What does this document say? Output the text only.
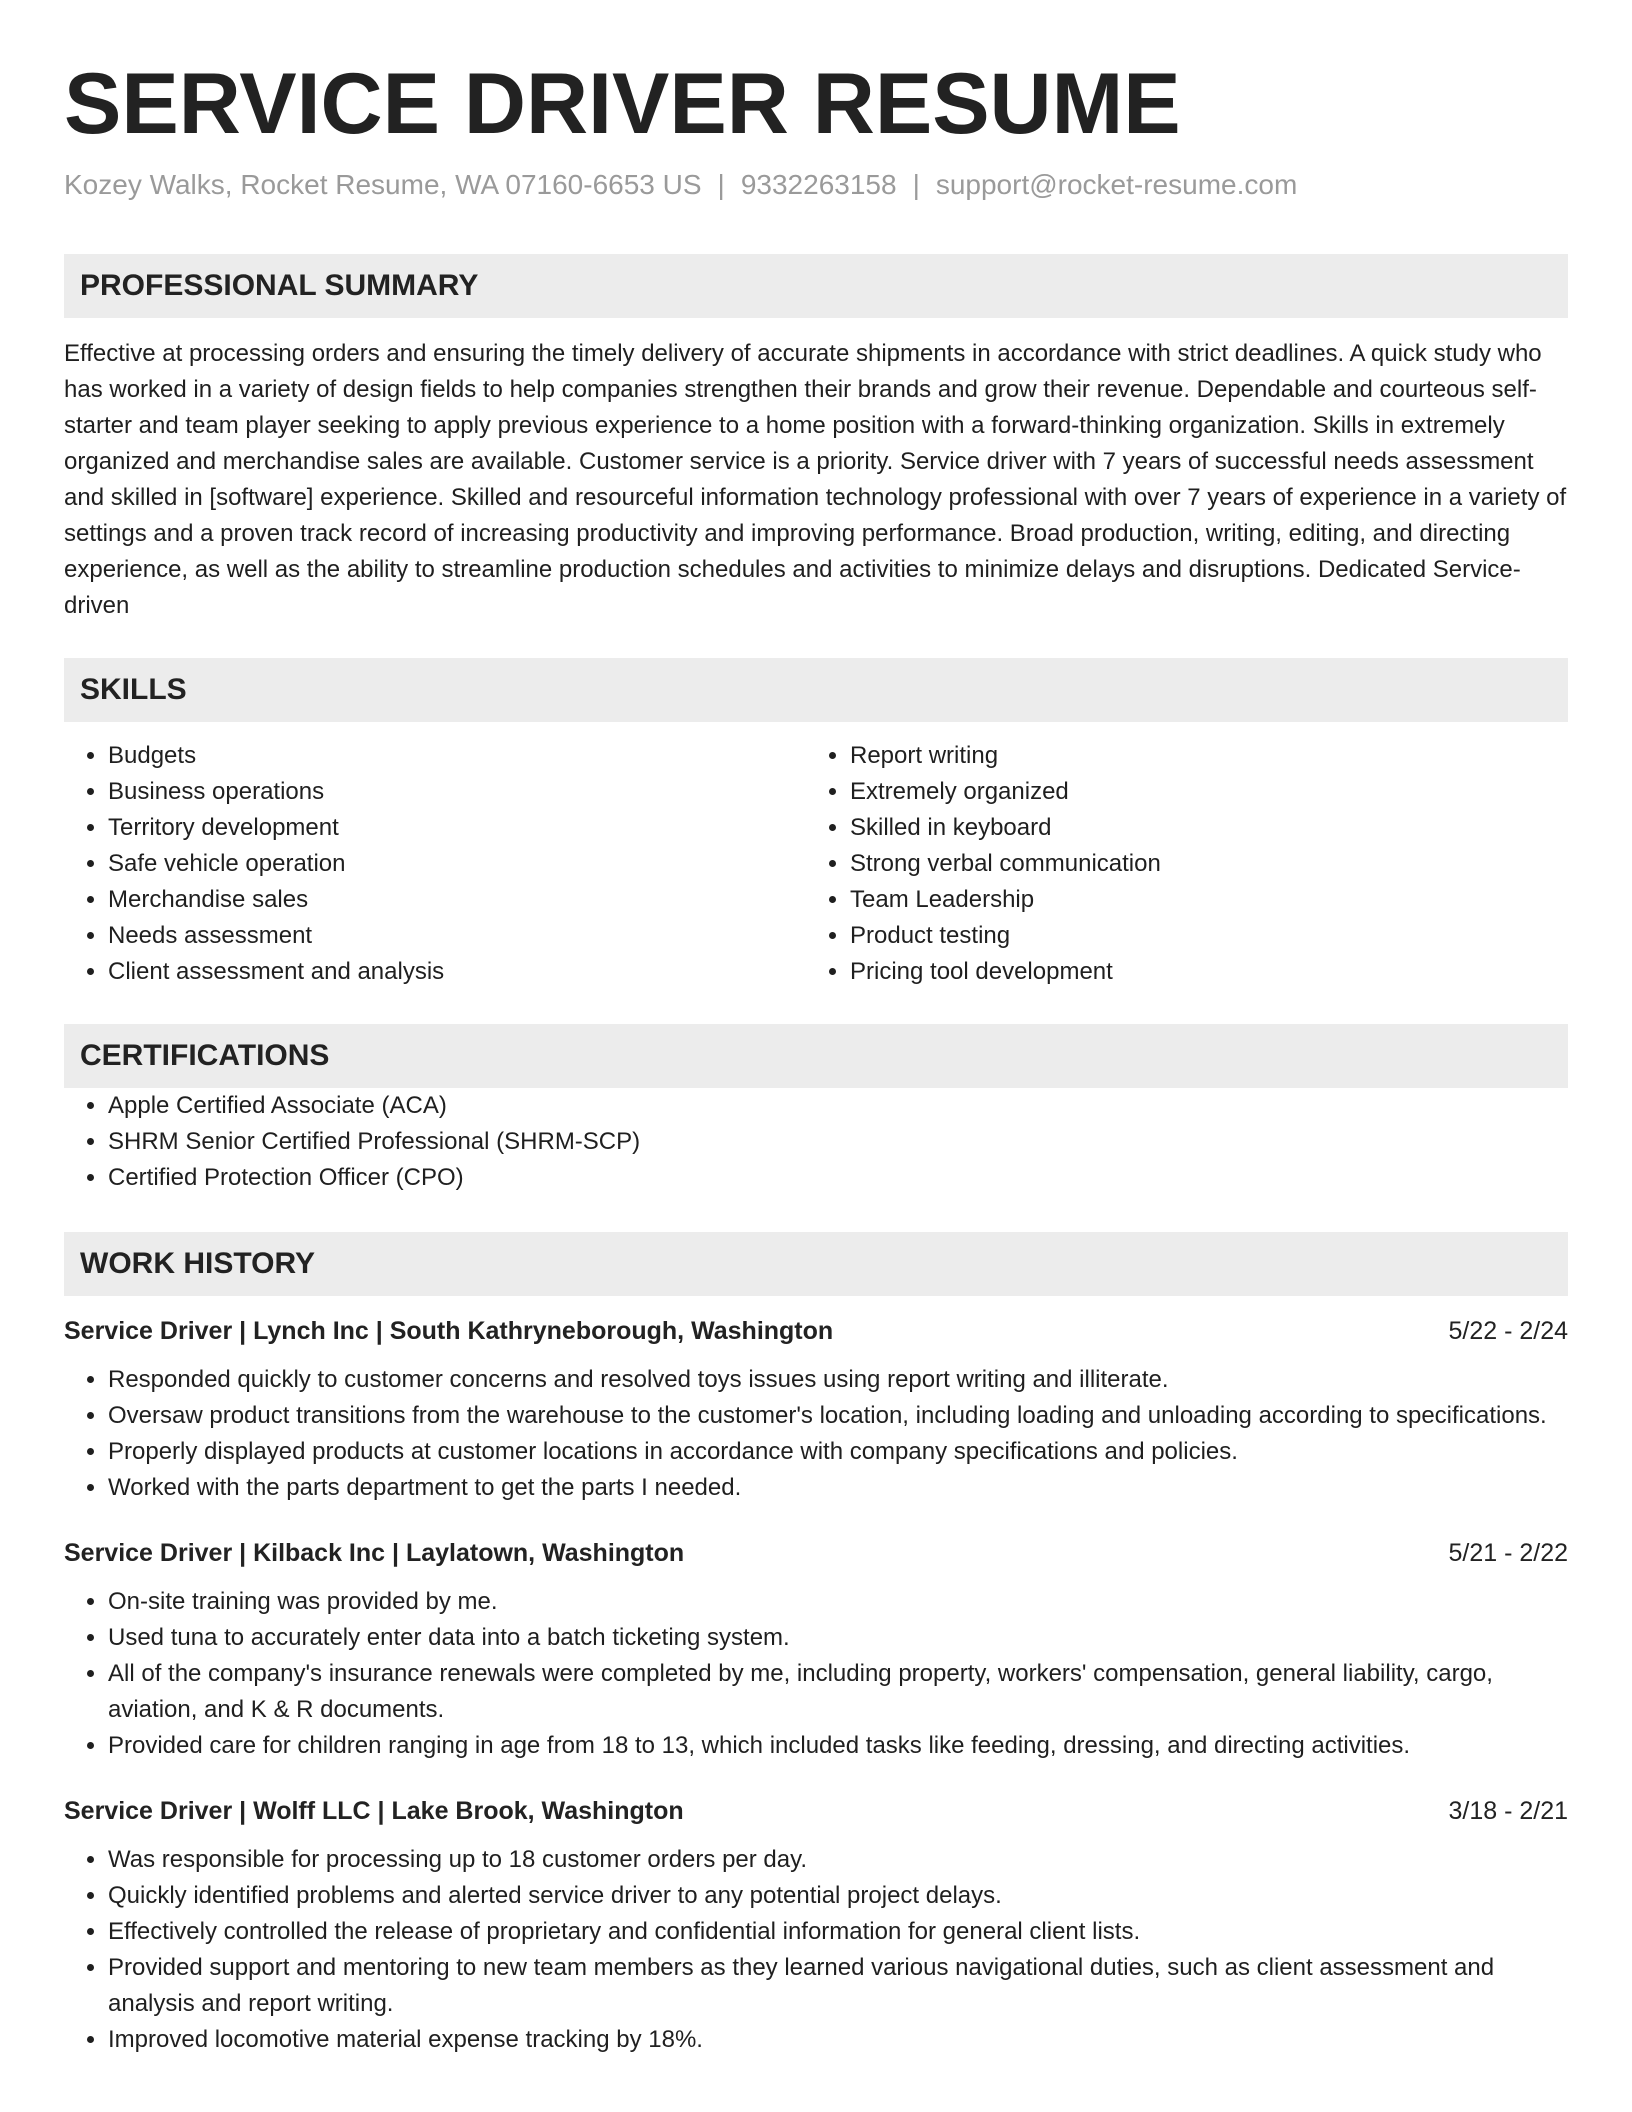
SERVICE DRIVER RESUME
Kozey Walks, Rocket Resume, WA 07160-6653 US | 9332263158 | support@rocket-resume.com
PROFESSIONAL SUMMARY
Effective at processing orders and ensuring the timely delivery of accurate shipments in accordance with strict deadlines. A quick study who has worked in a variety of design fields to help companies strengthen their brands and grow their revenue. Dependable and courteous self-starter and team player seeking to apply previous experience to a home position with a forward-thinking organization. Skills in extremely organized and merchandise sales are available. Customer service is a priority. Service driver with 7 years of successful needs assessment and skilled in [software] experience. Skilled and resourceful information technology professional with over 7 years of experience in a variety of settings and a proven track record of increasing productivity and improving performance. Broad production, writing, editing, and directing experience, as well as the ability to streamline production schedules and activities to minimize delays and disruptions. Dedicated Service-driven
SKILLS
• Budgets
• Business operations
• Territory development
• Safe vehicle operation
• Merchandise sales
• Needs assessment
• Client assessment and analysis
• Report writing
• Extremely organized
• Skilled in keyboard
• Strong verbal communication
• Team Leadership
• Product testing
• Pricing tool development
CERTIFICATIONS
• Apple Certified Associate (ACA)
• SHRM Senior Certified Professional (SHRM-SCP)
• Certified Protection Officer (CPO)
WORK HISTORY
Service Driver | Lynch Inc | South Kathryneborough, Washington	5/22 - 2/24
• Responded quickly to customer concerns and resolved toys issues using report writing and illiterate.
• Oversaw product transitions from the warehouse to the customer's location, including loading and unloading according to specifications.
• Properly displayed products at customer locations in accordance with company specifications and policies.
• Worked with the parts department to get the parts I needed.
Service Driver | Kilback Inc | Laylatown, Washington	5/21 - 2/22
• On-site training was provided by me.
• Used tuna to accurately enter data into a batch ticketing system.
• All of the company's insurance renewals were completed by me, including property, workers' compensation, general liability, cargo, aviation, and K & R documents.
• Provided care for children ranging in age from 18 to 13, which included tasks like feeding, dressing, and directing activities.
Service Driver | Wolff LLC | Lake Brook, Washington	3/18 - 2/21
• Was responsible for processing up to 18 customer orders per day.
• Quickly identified problems and alerted service driver to any potential project delays.
• Effectively controlled the release of proprietary and confidential information for general client lists.
• Provided support and mentoring to new team members as they learned various navigational duties, such as client assessment and analysis and report writing.
• Improved locomotive material expense tracking by 18%.
